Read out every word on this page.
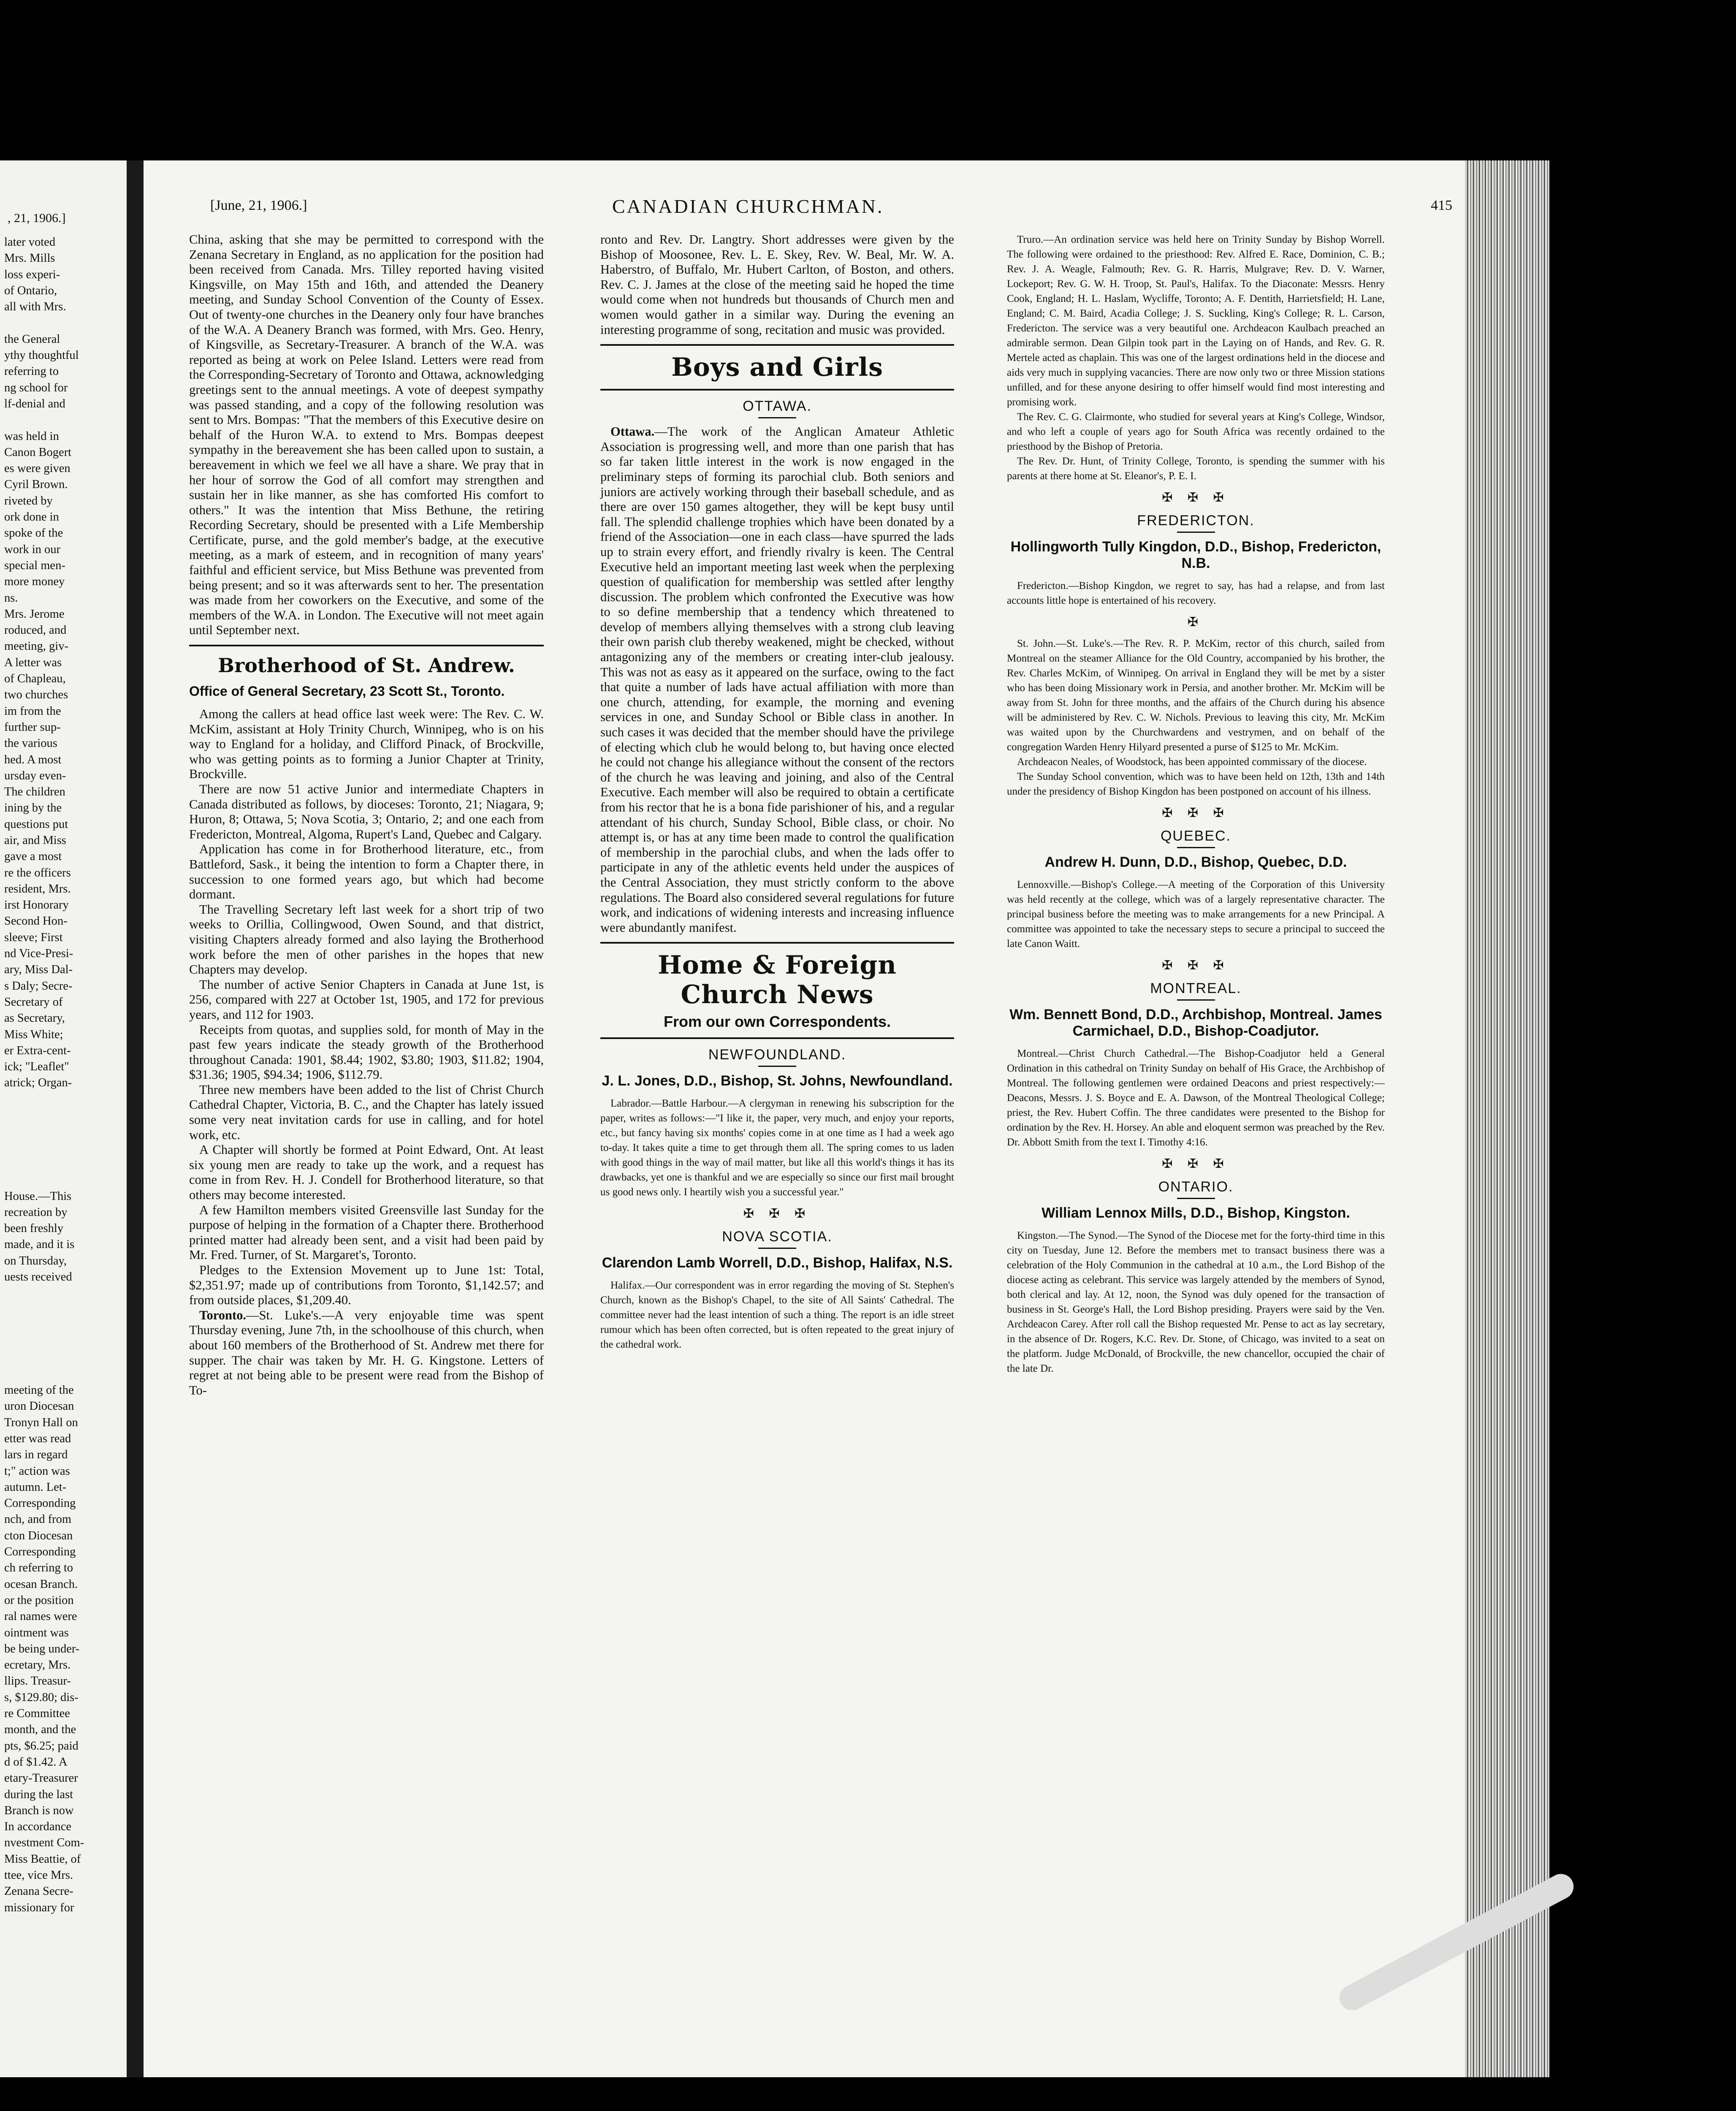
, 21, 1906.]
later voted
Mrs. Mills
loss experi-
of Ontario,
all with Mrs.

the General
ythy thoughtful
referring to
ng school for
lf-denial and

was held in
Canon Bogert
es were given
Cyril Brown.
riveted by
ork done in
spoke of the
work in our
special men-
more money
ns.
Mrs. Jerome
roduced, and
meeting, giv-
A letter was
of Chapleau,
two churches
im from the
further sup-
the various
hed. A most
ursday even-
The children
ining by the
questions put
air, and Miss
gave a most
re the officers
resident, Mrs.
irst Honorary
Second Hon-
sleeve; First
nd Vice-Presi-
ary, Miss Dal-
s Daly; Secre-
Secretary of
as Secretary,
Miss White;
er Extra-cent-
ick; "Leaflet"
atrick; Organ-

House.—This
recreation by
been freshly
made, and it is
on Thursday,
uests received

meeting of the
uron Diocesan
Tronyn Hall on
etter was read
lars in regard
t;" action was
autumn. Let-
Corresponding
nch, and from
cton Diocesan
Corresponding
ch referring to
ocesan Branch.
or the position
ral names were
ointment was
be being under-
ecretary, Mrs.
llips. Treasur-
s, $129.80; dis-
re Committee
month, and the
pts, $6.25; paid
d of $1.42. A
etary-Treasurer
during the last
Branch is now
In accordance
nvestment Com-
Miss Beattie, of
ttee, vice Mrs.
Zenana Secre-
missionary for
[June, 21, 1906.]	CANADIAN CHURCHMAN.	415

China, asking that she may be permitted to correspond with the Zenana Secretary in England, as no application for the position had been received from Canada. Mrs. Tilley reported having visited Kingsville, on May 15th and 16th, and attended the Deanery meeting, and Sunday School Convention of the County of Essex. Out of twenty-one churches in the Deanery only four have branches of the W.A. A Deanery Branch was formed, with Mrs. Geo. Henry, of Kingsville, as Secretary-Treasurer. A branch of the W.A. was reported as being at work on Pelee Island. Letters were read from the Corresponding-Secretary of Toronto and Ottawa, acknowledging greetings sent to the annual meetings. A vote of deepest sympathy was passed standing, and a copy of the following resolution was sent to Mrs. Bompas: "That the members of this Executive desire on behalf of the Huron W.A. to extend to Mrs. Bompas deepest sympathy in the bereavement she has been called upon to sustain, a bereavement in which we feel we all have a share. We pray that in her hour of sorrow the God of all comfort may strengthen and sustain her in like manner, as she has comforted His comfort to others." It was the intention that Miss Bethune, the retiring Recording Secretary, should be presented with a Life Membership Certificate, purse, and the gold member's badge, at the executive meeting, as a mark of esteem, and in recognition of many years' faithful and efficient service, but Miss Bethune was prevented from being present; and so it was afterwards sent to her. The presentation was made from her coworkers on the Executive, and some of the members of the W.A. in London. The Executive will not meet again until September next.

Brotherhood of St. Andrew.
Office of General Secretary, 23 Scott St., Toronto.

Among the callers at head office last week were: The Rev. C. W. McKim, assistant at Holy Trinity Church, Winnipeg, who is on his way to England for a holiday, and Clifford Pinack, of Brockville, who was getting points as to forming a Junior Chapter at Trinity, Brockville.

There are now 51 active Junior and intermediate Chapters in Canada distributed as follows, by dioceses: Toronto, 21; Niagara, 9; Huron, 8; Ottawa, 5; Nova Scotia, 3; Ontario, 2; and one each from Fredericton, Montreal, Algoma, Rupert's Land, Quebec and Calgary.

Application has come in for Brotherhood literature, etc., from Battleford, Sask., it being the intention to form a Chapter there, in succession to one formed years ago, but which had become dormant.

The Travelling Secretary left last week for a short trip of two weeks to Orillia, Collingwood, Owen Sound, and that district, visiting Chapters already formed and also laying the Brotherhood work before the men of other parishes in the hopes that new Chapters may develop.

The number of active Senior Chapters in Canada at June 1st, is 256, compared with 227 at October 1st, 1905, and 172 for previous years, and 112 for 1903.

Receipts from quotas, and supplies sold, for month of May in the past few years indicate the steady growth of the Brotherhood throughout Canada: 1901, $8.44; 1902, $3.80; 1903, $11.82; 1904, $31.36; 1905, $94.34; 1906, $112.79.

Three new members have been added to the list of Christ Church Cathedral Chapter, Victoria, B. C., and the Chapter has lately issued some very neat invitation cards for use in calling, and for hotel work, etc.

A Chapter will shortly be formed at Point Edward, Ont. At least six young men are ready to take up the work, and a request has come in from Rev. H. J. Condell for Brotherhood literature, so that others may become interested.

A few Hamilton members visited Greensville last Sunday for the purpose of helping in the formation of a Chapter there. Brotherhood printed matter had already been sent, and a visit had been paid by Mr. Fred. Turner, of St. Margaret's, Toronto.

Pledges to the Extension Movement up to June 1st: Total, $2,351.97; made up of contributions from Toronto, $1,142.57; and from outside places, $1,209.40.

Toronto.—St. Luke's.—A very enjoyable time was spent Thursday evening, June 7th, in the schoolhouse of this church, when about 160 members of the Brotherhood of St. Andrew met there for supper. The chair was taken by Mr. H. G. Kingstone. Letters of regret at not being able to be present were read from the Bishop of To-

ronto and Rev. Dr. Langtry. Short addresses were given by the Bishop of Moosonee, Rev. L. E. Skey, Rev. W. Beal, Mr. W. A. Haberstro, of Buffalo, Mr. Hubert Carlton, of Boston, and others. Rev. C. J. James at the close of the meeting said he hoped the time would come when not hundreds but thousands of Church men and women would gather in a similar way. During the evening an interesting programme of song, recitation and music was provided.

Boys and Girls
OTTAWA.

Ottawa.—The work of the Anglican Amateur Athletic Association is progressing well, and more than one parish that has so far taken little interest in the work is now engaged in the preliminary steps of forming its parochial club. Both seniors and juniors are actively working through their baseball schedule, and as there are over 150 games altogether, they will be kept busy until fall. The splendid challenge trophies which have been donated by a friend of the Association—one in each class—have spurred the lads up to strain every effort, and friendly rivalry is keen. The Central Executive held an important meeting last week when the perplexing question of qualification for membership was settled after lengthy discussion. The problem which confronted the Executive was how to so define membership that a tendency which threatened to develop of members allying themselves with a strong club leaving their own parish club thereby weakened, might be checked, without antagonizing any of the members or creating inter-club jealousy. This was not as easy as it appeared on the surface, owing to the fact that quite a number of lads have actual affiliation with more than one church, attending, for example, the morning and evening services in one, and Sunday School or Bible class in another. In such cases it was decided that the member should have the privilege of electing which club he would belong to, but having once elected he could not change his allegiance without the consent of the rectors of the church he was leaving and joining, and also of the Central Executive. Each member will also be required to obtain a certificate from his rector that he is a bona fide parishioner of his, and a regular attendant of his church, Sunday School, Bible class, or choir. No attempt is, or has at any time been made to control the qualification of membership in the parochial clubs, and when the lads offer to participate in any of the athletic events held under the auspices of the Central Association, they must strictly conform to the above regulations. The Board also considered several regulations for future work, and indications of widening interests and increasing influence were abundantly manifest.

Home & Foreign Church News
From our own Correspondents.
NEWFOUNDLAND.
J. L. Jones, D.D., Bishop, St. Johns, Newfoundland.

Labrador.—Battle Harbour.—A clergyman in renewing his subscription for the paper, writes as follows:—"I like it, the paper, very much, and enjoy your reports, etc., but fancy having six months' copies come in at one time as I had a week ago to-day. It takes quite a time to get through them all. The spring comes to us laden with good things in the way of mail matter, but like all this world's things it has its drawbacks, yet one is thankful and we are especially so since our first mail brought us good news only. I heartily wish you a successful year."

✠ ✠ ✠
NOVA SCOTIA.
Clarendon Lamb Worrell, D.D., Bishop, Halifax, N.S.

Halifax.—Our correspondent was in error regarding the moving of St. Stephen's Church, known as the Bishop's Chapel, to the site of All Saints' Cathedral. The committee never had the least intention of such a thing. The report is an idle street rumour which has been often corrected, but is often repeated to the great injury of the cathedral work.

Truro.—An ordination service was held here on Trinity Sunday by Bishop Worrell. The following were ordained to the priesthood: Rev. Alfred E. Race, Dominion, C. B.; Rev. J. A. Weagle, Falmouth; Rev. G. R. Harris, Mulgrave; Rev. D. V. Warner, Lockeport; Rev. G. W. H. Troop, St. Paul's, Halifax. To the Diaconate: Messrs. Henry Cook, England; H. L. Haslam, Wycliffe, Toronto; A. F. Dentith, Harrietsfield; H. Lane, England; C. M. Baird, Acadia College; J. S. Suckling, King's College; R. L. Carson, Fredericton. The service was a very beautiful one. Archdeacon Kaulbach preached an admirable sermon. Dean Gilpin took part in the Laying on of Hands, and Rev. G. R. Mertele acted as chaplain. This was one of the largest ordinations held in the diocese and aids very much in supplying vacancies. There are now only two or three Mission stations unfilled, and for these anyone desiring to offer himself would find most interesting and promising work.

The Rev. C. G. Clairmonte, who studied for several years at King's College, Windsor, and who left a couple of years ago for South Africa was recently ordained to the priesthood by the Bishop of Pretoria.

The Rev. Dr. Hunt, of Trinity College, Toronto, is spending the summer with his parents at there home at St. Eleanor's, P. E. I.

✠ ✠ ✠
FREDERICTON.
Hollingworth Tully Kingdon, D.D., Bishop, Fredericton, N.B.

Fredericton.—Bishop Kingdon, we regret to say, has had a relapse, and from last accounts little hope is entertained of his recovery.

✠

St. John.—St. Luke's.—The Rev. R. P. McKim, rector of this church, sailed from Montreal on the steamer Alliance for the Old Country, accompanied by his brother, the Rev. Charles McKim, of Winnipeg. On arrival in England they will be met by a sister who has been doing Missionary work in Persia, and another brother. Mr. McKim will be away from St. John for three months, and the affairs of the Church during his absence will be administered by Rev. C. W. Nichols. Previous to leaving this city, Mr. McKim was waited upon by the Churchwardens and vestrymen, and on behalf of the congregation Warden Henry Hilyard presented a purse of $125 to Mr. McKim.

Archdeacon Neales, of Woodstock, has been appointed commissary of the diocese.

The Sunday School convention, which was to have been held on 12th, 13th and 14th under the presidency of Bishop Kingdon has been postponed on account of his illness.

✠ ✠ ✠
QUEBEC.
Andrew H. Dunn, D.D., Bishop, Quebec, D.D.

Lennoxville.—Bishop's College.—A meeting of the Corporation of this University was held recently at the college, which was of a largely representative character. The principal business before the meeting was to make arrangements for a new Principal. A committee was appointed to take the necessary steps to secure a principal to succeed the late Canon Waitt.

✠ ✠ ✠
MONTREAL.
Wm. Bennett Bond, D.D., Archbishop, Montreal. James Carmichael, D.D., Bishop-Coadjutor.

Montreal.—Christ Church Cathedral.—The Bishop-Coadjutor held a General Ordination in this cathedral on Trinity Sunday on behalf of His Grace, the Archbishop of Montreal. The following gentlemen were ordained Deacons and priest respectively:—Deacons, Messrs. J. S. Boyce and E. A. Dawson, of the Montreal Theological College; priest, the Rev. Hubert Coffin. The three candidates were presented to the Bishop for ordination by the Rev. H. Horsey. An able and eloquent sermon was preached by the Rev. Dr. Abbott Smith from the text I. Timothy 4:16.

✠ ✠ ✠
ONTARIO.
William Lennox Mills, D.D., Bishop, Kingston.

Kingston.—The Synod.—The Synod of the Diocese met for the forty-third time in this city on Tuesday, June 12. Before the members met to transact business there was a celebration of the Holy Communion in the cathedral at 10 a.m., the Lord Bishop of the diocese acting as celebrant. This service was largely attended by the members of Synod, both clerical and lay. At 12, noon, the Synod was duly opened for the transaction of business in St. George's Hall, the Lord Bishop presiding. Prayers were said by the Ven. Archdeacon Carey. After roll call the Bishop requested Mr. Pense to act as lay secretary, in the absence of Dr. Rogers, K.C. Rev. Dr. Stone, of Chicago, was invited to a seat on the platform. Judge McDonald, of Brockville, the new chancellor, occupied the chair of the late Dr.
